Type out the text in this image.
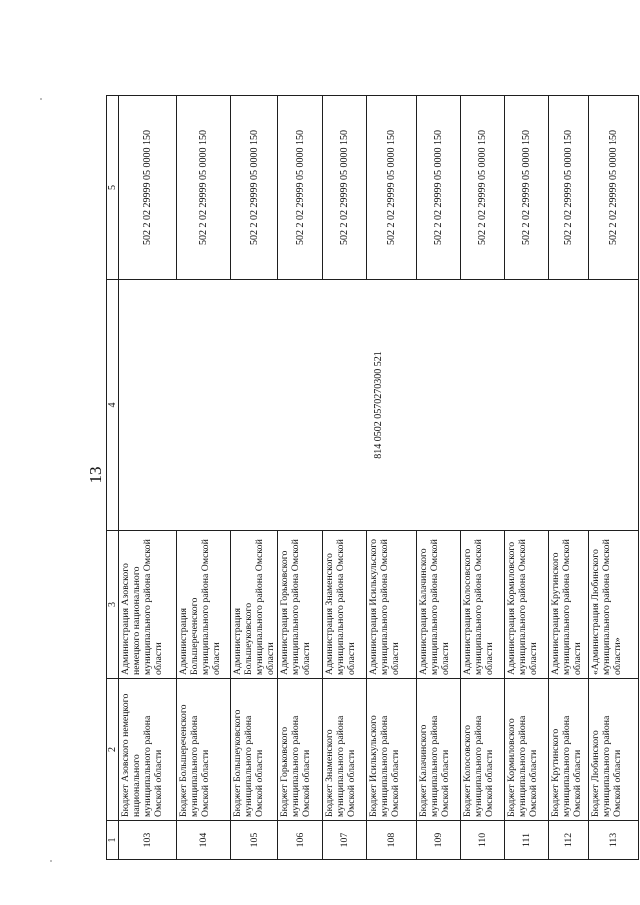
13
1	2	3	4	5
103	Бюджет Азовского немецкого национального муниципального района Омской области	Администрация Азовского немецкого национального муниципального района Омской области	814 0502 0570270300 521	502 2 02 29999 05 0000 150
104	Бюджет Большереченского муниципального района Омской области	Администрация Большереченского муниципального района Омской области		502 2 02 29999 05 0000 150
105	Бюджет Большеуковского муниципального района Омской области	Администрация Большеуковского муниципального района Омской области		502 2 02 29999 05 0000 150
106	Бюджет Горьковского муниципального района Омской области	Администрация Горьковского муниципального района Омской области		502 2 02 29999 05 0000 150
107	Бюджет Знаменского муниципального района Омской области	Администрация Знаменского муниципального района Омской области		502 2 02 29999 05 0000 150
108	Бюджет Исилькульского муниципального района Омской области	Администрация Исилькульского муниципального района Омской области		502 2 02 29999 05 0000 150
109	Бюджет Калачинского муниципального района Омской области	Администрация Калачинского муниципального района Омской области		502 2 02 29999 05 0000 150
110	Бюджет Колосовского муниципального района Омской области	Администрация Колосовского муниципального района Омской области		502 2 02 29999 05 0000 150
111	Бюджет Кормиловского муниципального района Омской области	Администрация Кормиловского муниципального района Омской области		502 2 02 29999 05 0000 150
112	Бюджет Крутинского муниципального района Омской области	Администрация Крутинского муниципального района Омской области		502 2 02 29999 05 0000 150
113	Бюджет Любинского муниципального района Омской области	«Администрация Любинского муниципального района Омской области»		502 2 02 29999 05 0000 150
